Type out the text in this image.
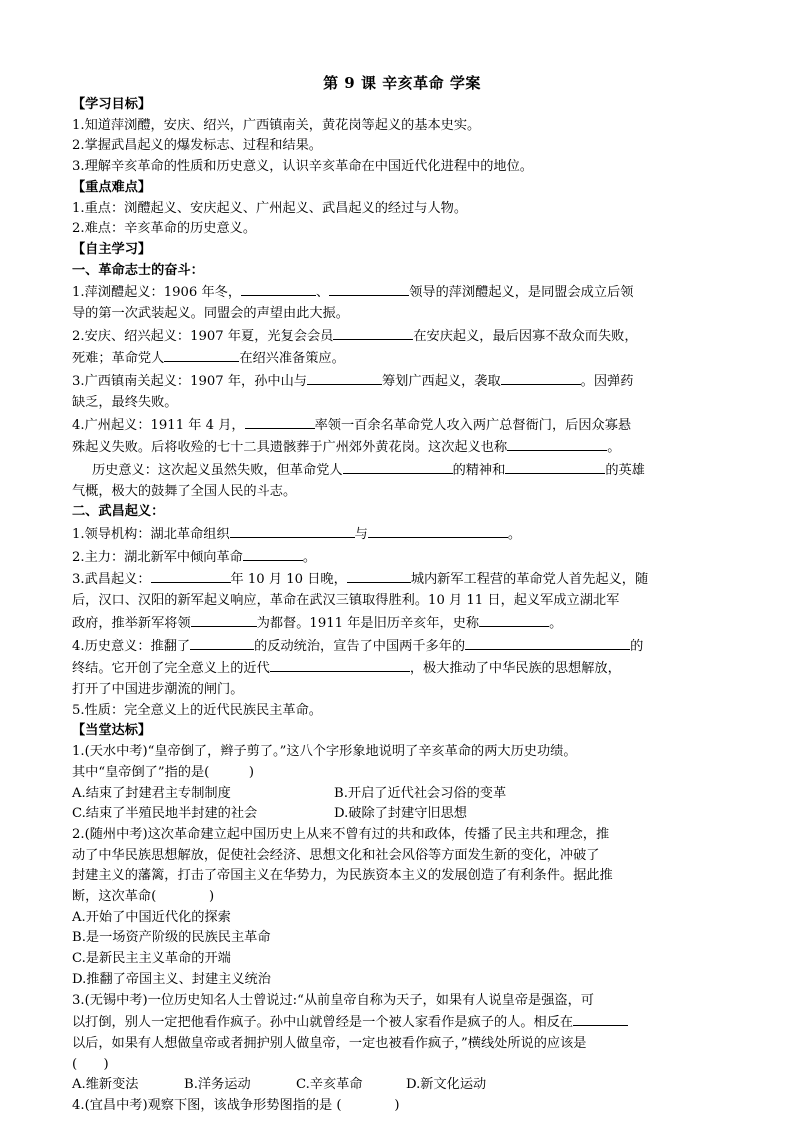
第 9 课 辛亥革命 学案
【学习目标】
1.知道萍浏醴，安庆、绍兴，广西镇南关，黄花岗等起义的基本史实。
2.掌握武昌起义的爆发标志、过程和结果。
3.理解辛亥革命的性质和历史意义，认识辛亥革命在中国近代化进程中的地位。
【重点难点】
1.重点：浏醴起义、安庆起义、广州起义、武昌起义的经过与人物。
2.难点：辛亥革命的历史意义。
【自主学习】
一、革命志士的奋斗：
1.萍浏醴起义：1906 年冬，	、	领导的萍浏醴起义，是同盟会成立后领
导的第一次武装起义。同盟会的声望由此大振。
2.安庆、绍兴起义：1907 年夏，光复会会员	在安庆起义，最后因寡不敌众而失败，
死难；革命党人	在绍兴准备策应。
3.广西镇南关起义：1907 年，孙中山与	筹划广西起义，袭取	。因弹药
缺乏，最终失败。
4.广州起义：1911 年 4 月，	率领一百余名革命党人攻入两广总督衙门，后因众寡悬
殊起义失败。后将收殓的七十二具遗骸葬于广州郊外黄花岗。这次起义也称	。
历史意义：这次起义虽然失败，但革命党人	的精神和	的英雄
气概，极大的鼓舞了全国人民的斗志。
二、武昌起义：
1.领导机构：湖北革命组织	与	。
2.主力：湖北新军中倾向革命	。
3.武昌起义：	年 10 月 10 日晚，	城内新军工程营的革命党人首先起义，随
后，汉口、汉阳的新军起义响应，革命在武汉三镇取得胜利。10 月 11 日，起义军成立湖北军
政府，推举新军将领	为都督。1911 年是旧历辛亥年，史称	。
4.历史意义：推翻了	的反动统治，宣告了中国两千多年的	的
终结。它开创了完全意义上的近代	，极大推动了中华民族的思想解放，
打开了中国进步潮流的闸门。
5.性质：完全意义上的近代民族民主革命。
【当堂达标】
1.(天水中考)“皇帝倒了，辫子剪了。”这八个字形象地说明了辛亥革命的两大历史功绩。
其中“皇帝倒了”指的是(　　　)
A.结束了封建君主专制制度	B.开启了近代社会习俗的变革
C.结束了半殖民地半封建的社会	D.破除了封建守旧思想
2.(随州中考)这次革命建立起中国历史上从来不曾有过的共和政体，传播了民主共和理念，推
动了中华民族思想解放，促使社会经济、思想文化和社会风俗等方面发生新的变化，冲破了
封建主义的藩篱，打击了帝国主义在华势力，为民族资本主义的发展创造了有利条件。据此推
断，这次革命(　　　　)
A.开始了中国近代化的探索
B.是一场资产阶级的民族民主革命
C.是新民主主义革命的开端
D.推翻了帝国主义、封建主义统治
3.(无锡中考)一位历史知名人士曾说过:“从前皇帝自称为天子，如果有人说皇帝是强盗，可
以打倒，别人一定把他看作疯子。孙中山就曾经是一个被人家看作是疯子的人。相反在
以后，如果有人想做皇帝或者拥护别人做皇帝，一定也被看作疯子，”横线处所说的应该是
(　　)
A.维新变法	B.洋务运动	C.辛亥革命	D.新文化运动
4.(宜昌中考)观察下图，该战争形势图指的是 (　　　　)
